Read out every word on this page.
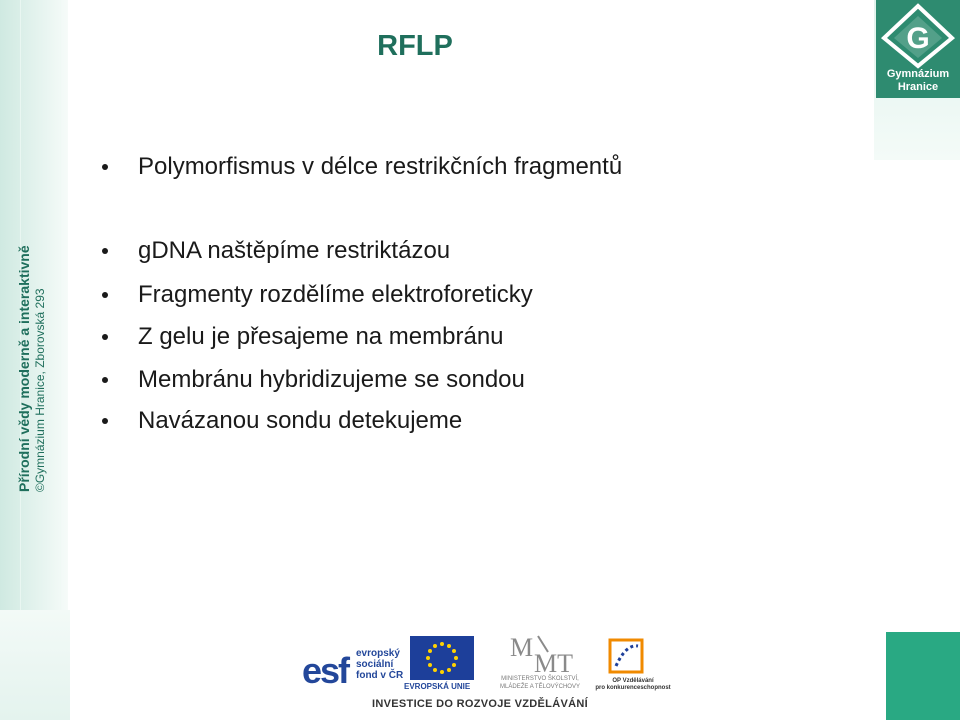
Přírodní vědy moderně a interaktivně ©Gymnázium Hranice, Zborovská 293
G
Gymnázium
Hranice
RFLP
Polymorfismus v délce restrikčních fragmentů
gDNA naštěpíme restriktázou
Fragmenty rozdělíme elektroforeticky
Z gelu je přesajeme na membránu
Membránu hybridizujeme se sondou
Navázanou sondu detekujeme
esf evropský
sociální
fond v ČR
EVROPSKÁ UNIE
M
MT
MINISTERSTVO ŠKOLSTVÍ,
MLÁDEŽE A TĚLOVÝCHOVY
OP Vzdělávání
pro konkurenceschopnost
INVESTICE DO ROZVOJE VZDĚLÁVÁNÍ
